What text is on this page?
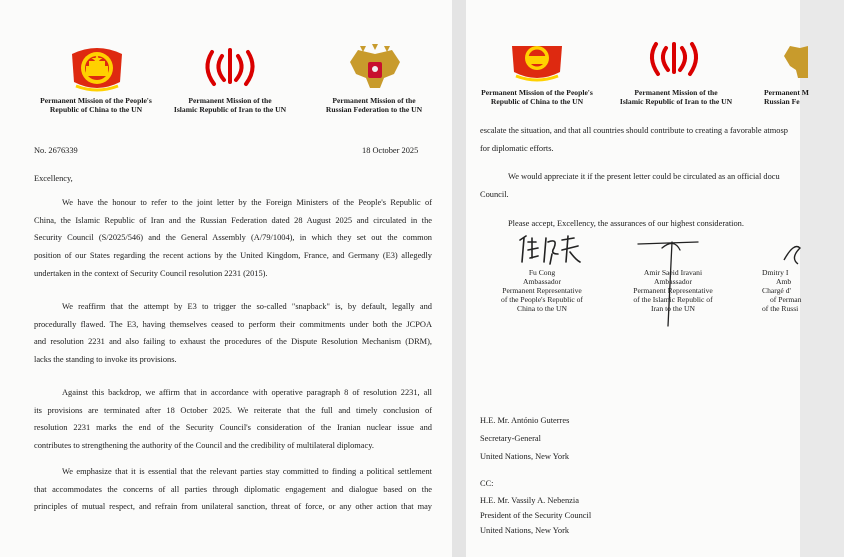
Permanent Mission of the People's
Republic of China to the UN
Permanent Mission of the
Islamic Republic of Iran to the UN
Permanent Mission of the
Russian Federation to the UN
No. 2676339	18 October 2025
Excellency,
We have the honour to refer to the joint letter by the Foreign Ministers of the People's Republic of
China, the Islamic Republic of Iran and the Russian Federation dated 28 August 2025 and circulated in the
Security Council (S/2025/546) and the General Assembly (A/79/1004), in which they set out the common
position of our States regarding the recent actions by the United Kingdom, France, and Germany (E3) allegedly
undertaken in the context of Security Council resolution 2231 (2015).
We reaffirm that the attempt by E3 to trigger the so-called "snapback" is, by default, legally and
procedurally flawed. The E3, having themselves ceased to perform their commitments under both the JCPOA
and resolution 2231 and also failing to exhaust the procedures of the Dispute Resolution Mechanism (DRM),
lacks the standing to invoke its provisions.
Against this backdrop, we affirm that in accordance with operative paragraph 8 of resolution 2231, all
its provisions are terminated after 18 October 2025. We reiterate that the full and timely conclusion of
resolution 2231 marks the end of the Security Council's consideration of the Iranian nuclear issue and
contributes to strengthening the authority of the Council and the credibility of multilateral diplomacy.
We emphasize that it is essential that the relevant parties stay committed to finding a political settlement
that accommodates the concerns of all parties through diplomatic engagement and dialogue based on the
principles of mutual respect, and refrain from unilateral sanction, threat of force, or any other action that may
Permanent Mission of the People's
Republic of China to the UN
Permanent Mission of the
Islamic Republic of Iran to the UN
Permanent M
Russian Fe
escalate the situation, and that all countries should contribute to creating a favorable atmosp
for diplomatic efforts.
We would appreciate it if the present letter could be circulated as an official docu
Council.
Please accept, Excellency, the assurances of our highest consideration.
Fu Cong
Ambassador
Permanent Representative
of the People's Republic of
China to the UN
Amir Saeid Iravani
Ambassador
Permanent Representative
of the Islamic Republic of
Iran to the UN
Dmitry I
Amb
Chargé d'
of Perman
of the Russi
H.E. Mr. António Guterres
Secretary-General
United Nations, New York
CC:
H.E. Mr. Vassily A. Nebenzia
President of the Security Council
United Nations, New York
